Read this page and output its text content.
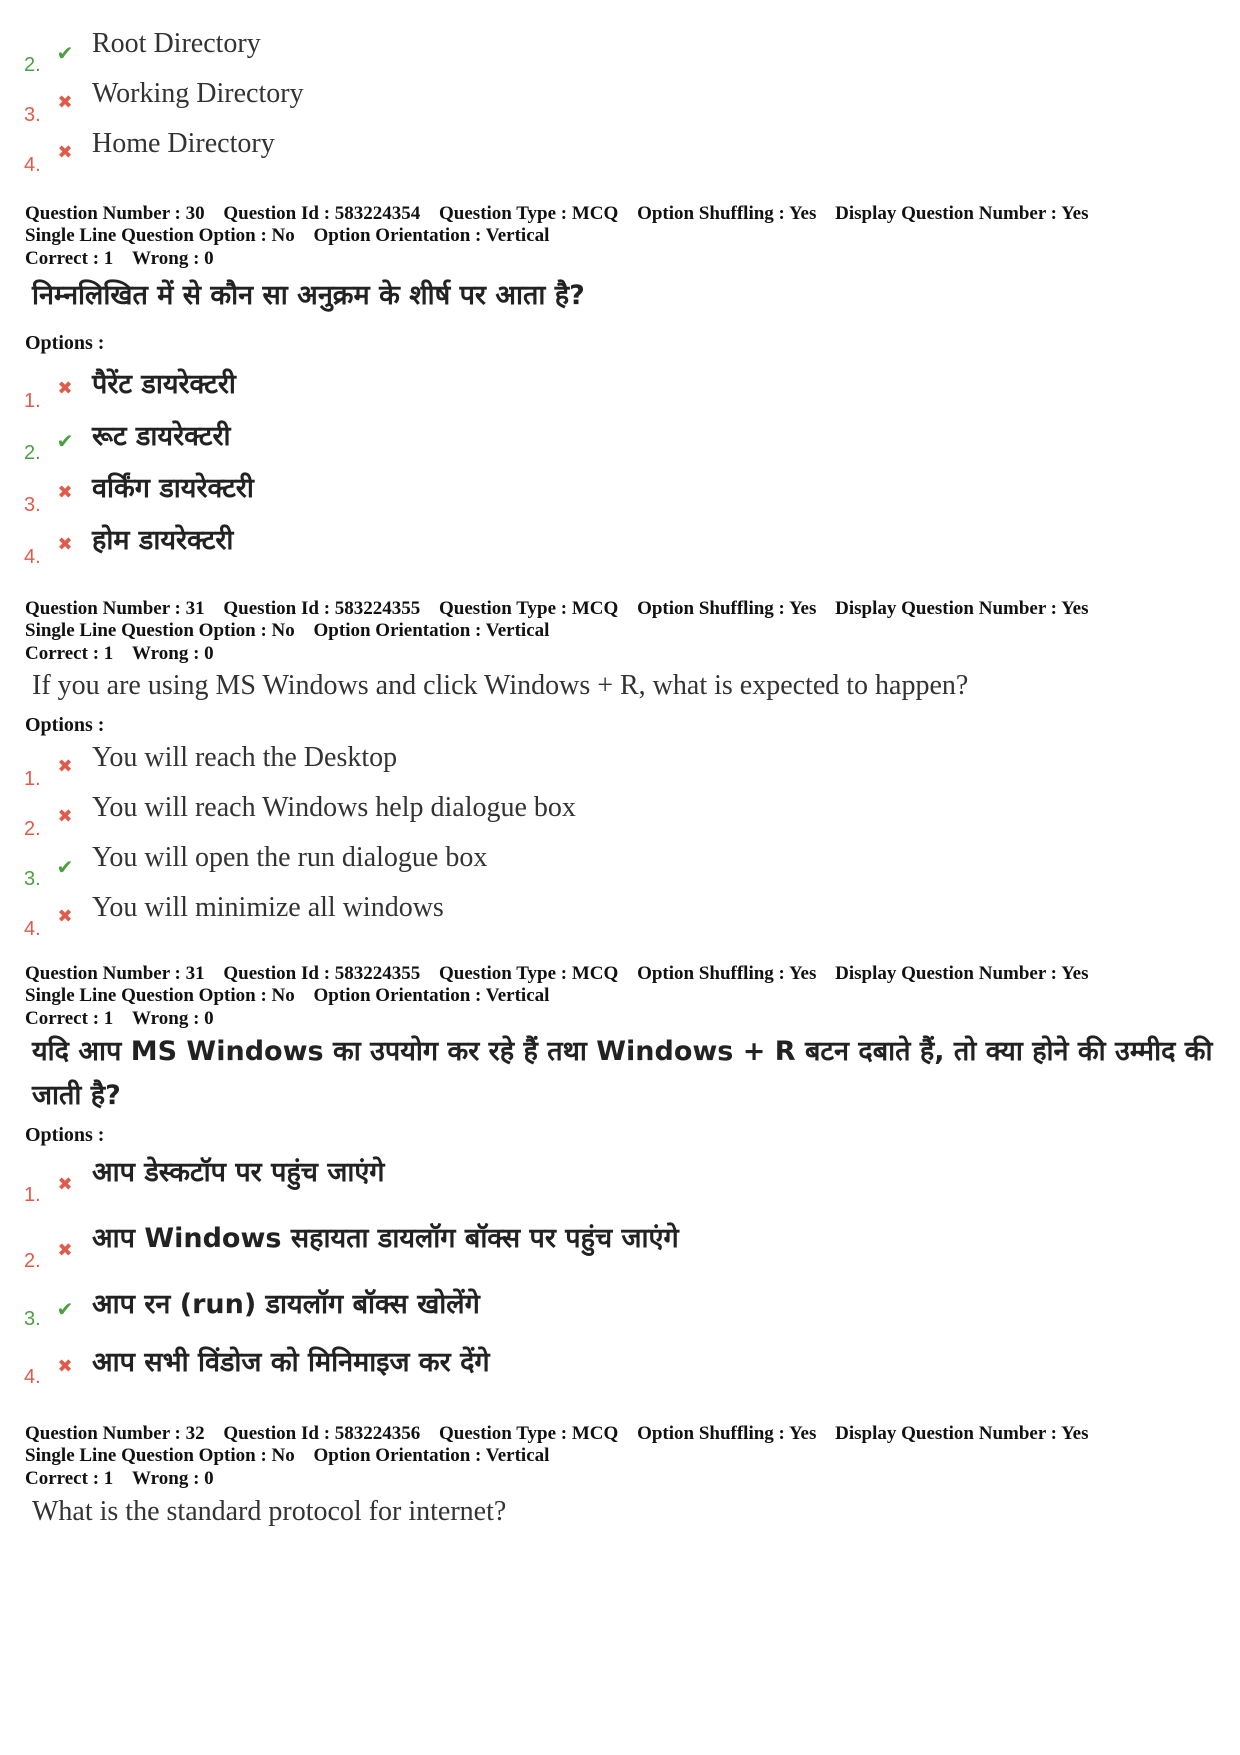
2. ✔ Root Directory
3.
✖ Working Directory
4.
✖ Home Directory
Question Number : 30 Question Id : 583224354 Question Type : MCQ Option Shuffling : Yes Display Question Number : Yes
Single Line Question Option : No Option Orientation : Vertical
Correct : 1 Wrong : 0
निम्नलिखित में से कौन सा अनुक्रम के शीर्ष पर आता है?
Options :
1.
✖ पैरेंट डायरेक्टरी
2. ✔ रूट डायरेक्टरी
3.
✖ वर्किंग डायरेक्टरी
4.
✖ होम डायरेक्टरी
Question Number : 31 Question Id : 583224355 Question Type : MCQ Option Shuffling : Yes Display Question Number : Yes
Single Line Question Option : No Option Orientation : Vertical
Correct : 1 Wrong : 0
If you are using MS Windows and click Windows + R, what is expected to happen?
Options :
1.
✖ You will reach the Desktop
2.
✖ You will reach Windows help dialogue box
3. ✔ You will open the run dialogue box
4.
✖ You will minimize all windows
Question Number : 31 Question Id : 583224355 Question Type : MCQ Option Shuffling : Yes Display Question Number : Yes
Single Line Question Option : No Option Orientation : Vertical
Correct : 1 Wrong : 0
यदि आप MS Windows का उपयोग कर रहे हैं तथा Windows + R बटन दबाते हैं, तो क्या होने की उम्मीद की जाती है?
Options :
1. ✖ आप डेस्कटॉप पर पहुंच जाएंगे
2. ✖ आप Windows सहायता डायलॉग बॉक्स पर पहुंच जाएंगे
3. ✔ आप रन (run) डायलॉग बॉक्स खोलेंगे
4. ✖ आप सभी विंडोज को मिनिमाइज कर देंगे
Question Number : 32 Question Id : 583224356 Question Type : MCQ Option Shuffling : Yes Display Question Number : Yes
Single Line Question Option : No Option Orientation : Vertical
Correct : 1 Wrong : 0
What is the standard protocol for internet?
